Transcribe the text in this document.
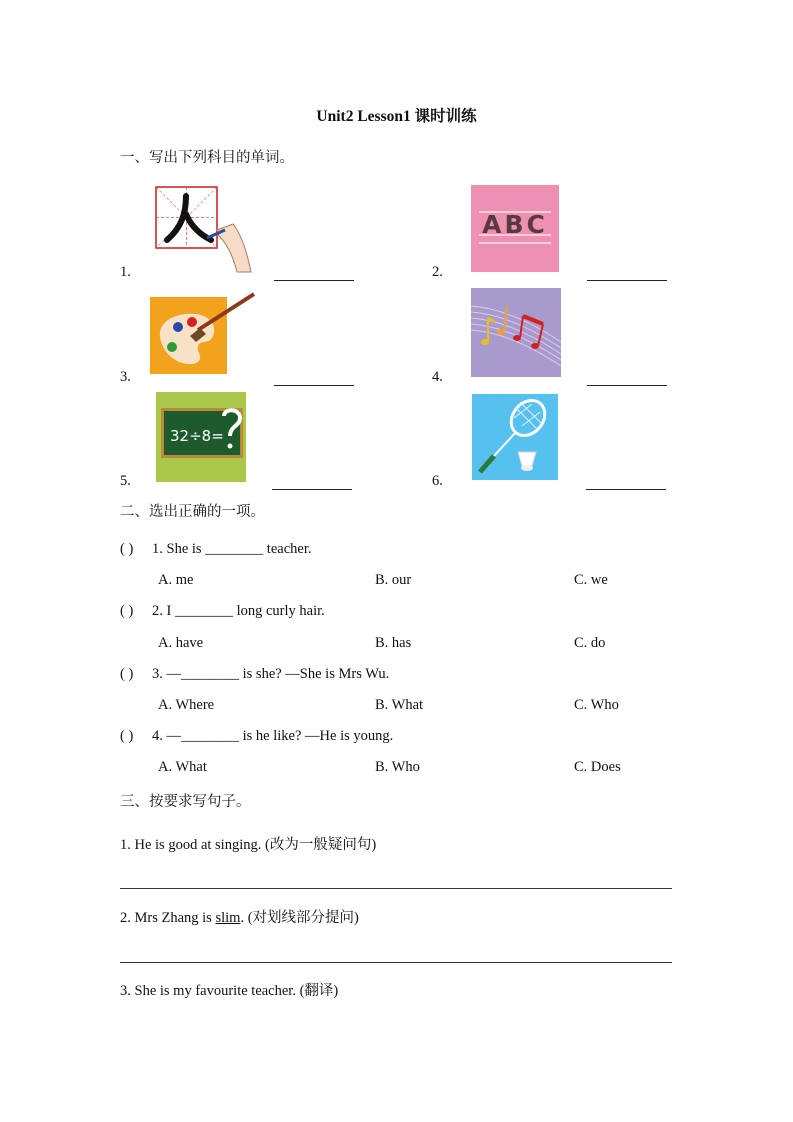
Unit2 Lesson1 课时训练
一、写出下列科目的单词。
1.
ABC
2.
3.	4.
32÷8=
5.	6.
二、选出正确的一项。
( ) 1. She is ________ teacher.
A. me	B. our	C. we
( ) 2. I ________ long curly hair.
A. have	B. has	C. do
( ) 3. —________ is she? —She is Mrs Wu.
A. Where	B. What	C. Who
( ) 4. —________ is he like? —He is young.
A. What	B. Who	C. Does
三、按要求写句子。
1. He is good at singing. (改为一般疑问句)
2. Mrs Zhang is slim. (对划线部分提问)
3. She is my favourite teacher. (翻译)
